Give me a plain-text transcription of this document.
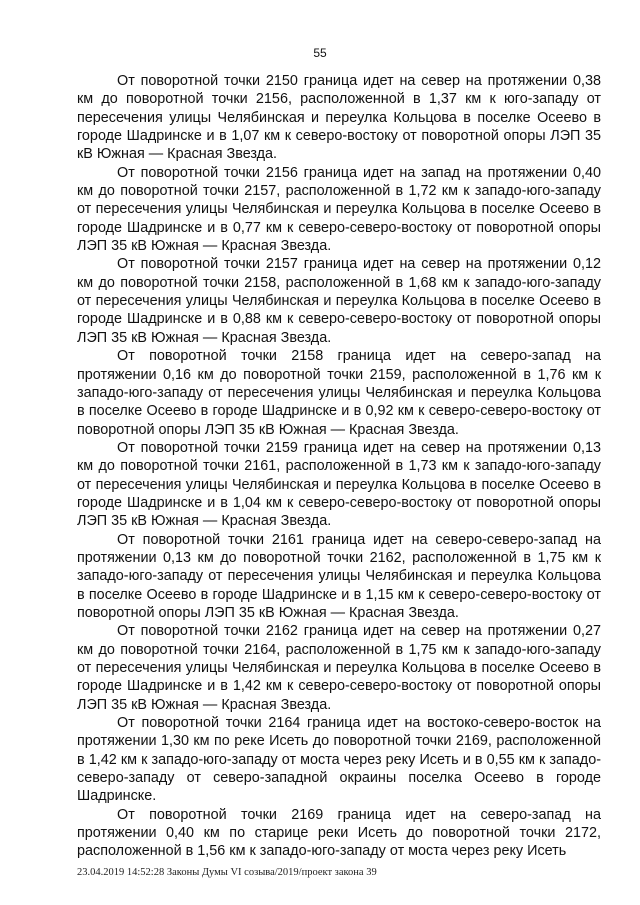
55

От поворотной точки 2150 граница идет на север на протяжении 0,38 км до поворотной точки 2156, расположенной в 1,37 км к юго-западу от пересечения улицы Челябинская и переулка Кольцова в поселке Осеево в городе Шадринске и в 1,07 км к северо-востоку от поворотной опоры ЛЭП 35 кВ Южная — Красная Звезда.

От поворотной точки 2156 граница идет на запад на протяжении 0,40 км до поворотной точки 2157, расположенной в 1,72 км к западо-юго-западу от пересечения улицы Челябинская и переулка Кольцова в поселке Осеево в городе Шадринске и в 0,77 км к северо-северо-востоку от поворотной опоры ЛЭП 35 кВ Южная — Красная Звезда.

От поворотной точки 2157 граница идет на север на протяжении 0,12 км до поворотной точки 2158, расположенной в 1,68 км к западо-юго-западу от пересечения улицы Челябинская и переулка Кольцова в поселке Осеево в городе Шадринске и в 0,88 км к северо-северо-востоку от поворотной опоры ЛЭП 35 кВ Южная — Красная Звезда.

От поворотной точки 2158 граница идет на северо-запад на протяжении 0,16 км до поворотной точки 2159, расположенной в 1,76 км к западо-юго-западу от пересечения улицы Челябинская и переулка Кольцова в поселке Осеево в городе Шадринске и в 0,92 км к северо-северо-востоку от поворотной опоры ЛЭП 35 кВ Южная — Красная Звезда.

От поворотной точки 2159 граница идет на север на протяжении 0,13 км до поворотной точки 2161, расположенной в 1,73 км к западо-юго-западу от пересечения улицы Челябинская и переулка Кольцова в поселке Осеево в городе Шадринске и в 1,04 км к северо-северо-востоку от поворотной опоры ЛЭП 35 кВ Южная — Красная Звезда.

От поворотной точки 2161 граница идет на северо-северо-запад на протяжении 0,13 км до поворотной точки 2162, расположенной в 1,75 км к западо-юго-западу от пересечения улицы Челябинская и переулка Кольцова в поселке Осеево в городе Шадринске и в 1,15 км к северо-северо-востоку от поворотной опоры ЛЭП 35 кВ Южная — Красная Звезда.

От поворотной точки 2162 граница идет на север на протяжении 0,27 км до поворотной точки 2164, расположенной в 1,75 км к западо-юго-западу от пересечения улицы Челябинская и переулка Кольцова в поселке Осеево в городе Шадринске и в 1,42 км к северо-северо-востоку от поворотной опоры ЛЭП 35 кВ Южная — Красная Звезда.

От поворотной точки 2164 граница идет на востоко-северо-восток на протяжении 1,30 км по реке Исеть до поворотной точки 2169, расположенной в 1,42 км к западо-юго-западу от моста через реку Исеть и в 0,55 км к западо-северо-западу от северо-западной окраины поселка Осеево в городе Шадринске.

От поворотной точки 2169 граница идет на северо-запад на протяжении 0,40 км по старице реки Исеть до поворотной точки 2172, расположенной в 1,56 км к западо-юго-западу от моста через реку Исеть

23.04.2019 14:52:28 Законы Думы VI созыва/2019/проект закона 39
